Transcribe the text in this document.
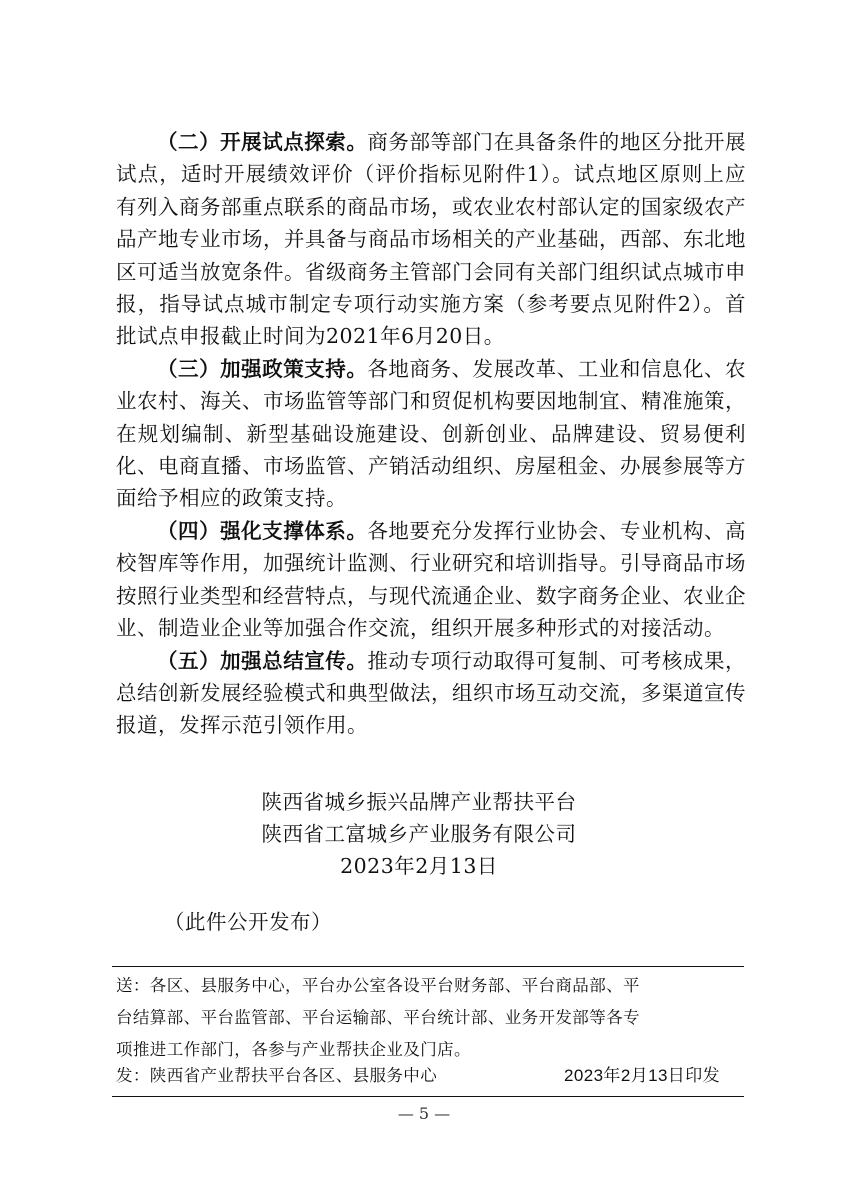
（二）开展试点探索。商务部等部门在具备条件的地区分批开展试点，适时开展绩效评价（评价指标见附件1）。试点地区原则上应有列入商务部重点联系的商品市场，或农业农村部认定的国家级农产品产地专业市场，并具备与商品市场相关的产业基础，西部、东北地区可适当放宽条件。省级商务主管部门会同有关部门组织试点城市申报，指导试点城市制定专项行动实施方案（参考要点见附件2）。首批试点申报截止时间为2021年6月20日。

（三）加强政策支持。各地商务、发展改革、工业和信息化、农业农村、海关、市场监管等部门和贸促机构要因地制宜、精准施策，在规划编制、新型基础设施建设、创新创业、品牌建设、贸易便利化、电商直播、市场监管、产销活动组织、房屋租金、办展参展等方面给予相应的政策支持。

（四）强化支撑体系。各地要充分发挥行业协会、专业机构、高校智库等作用，加强统计监测、行业研究和培训指导。引导商品市场按照行业类型和经营特点，与现代流通企业、数字商务企业、农业企业、制造业企业等加强合作交流，组织开展多种形式的对接活动。

（五）加强总结宣传。推动专项行动取得可复制、可考核成果，总结创新发展经验模式和典型做法，组织市场互动交流，多渠道宣传报道，发挥示范引领作用。

陕西省城乡振兴品牌产业帮扶平台
陕西省工富城乡产业服务有限公司
2023年2月13日
（此件公开发布）
送：各区、县服务中心，平台办公室各设平台财务部、平台商品部、平
台结算部、平台监管部、平台运输部、平台统计部、业务开发部等各专
项推进工作部门，各参与产业帮扶企业及门店。
发：陕西省产业帮扶平台各区、县服务中心	2023年2月13日印发
— 5 —
